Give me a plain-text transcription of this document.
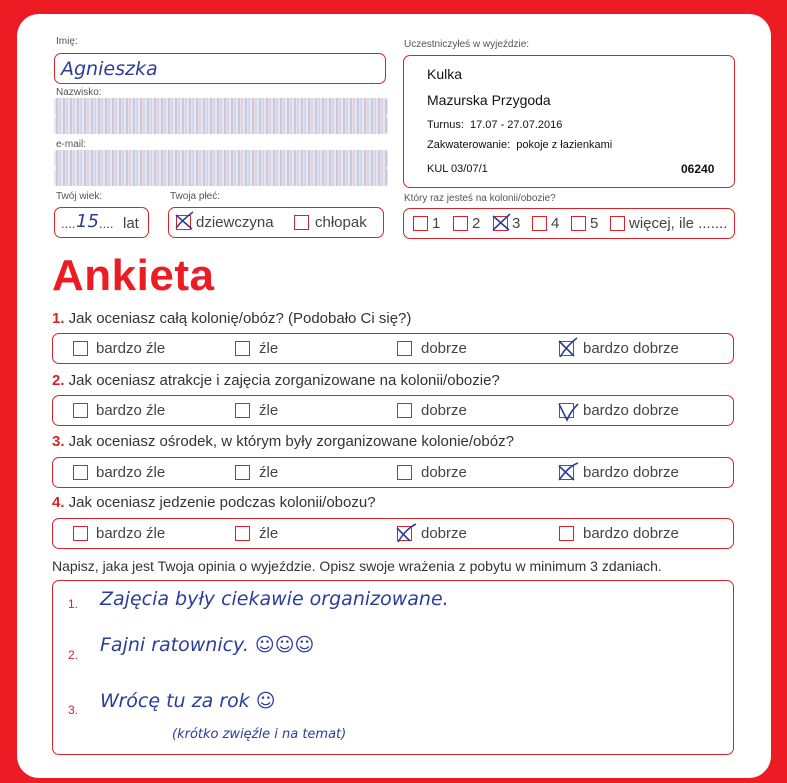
Imię:
Agnieszka
Nazwisko:
e-mail:
Twój wiek:
.... 15 .... lat
Twoja płeć:
dziewczyna	chłopak
Uczestniczyłeś w wyjeździe:
Kulka
Mazurska Przygoda
Turnus:  17.07 - 27.07.2016
Zakwaterowanie:  pokoje z łazienkami
KUL 03/07/1	06240
Który raz jesteś na kolonii/obozie?
1 2 3 4 5 więcej, ile .......
Ankieta
1. Jak oceniasz całą kolonię/obóz? (Podobało Ci się?)
bardzo źle	źle	dobrze	bardzo dobrze
2. Jak oceniasz atrakcje i zajęcia zorganizowane na kolonii/obozie?
bardzo źle	źle	dobrze	bardzo dobrze
3. Jak oceniasz ośrodek, w którym były zorganizowane kolonie/obóz?
bardzo źle	źle	dobrze	bardzo dobrze
4. Jak oceniasz jedzenie podczas kolonii/obozu?
bardzo źle	źle	dobrze	bardzo dobrze
Napisz, jaka jest Twoja opinia o wyjeździe. Opisz swoje wrażenia z pobytu w minimum 3 zdaniach.
1. Zajęcia były ciekawie organizowane.
2. Fajni ratownicy. ☺☺☺
3. Wrócę tu za rok ☺
(krótko zwięźle i na temat)
